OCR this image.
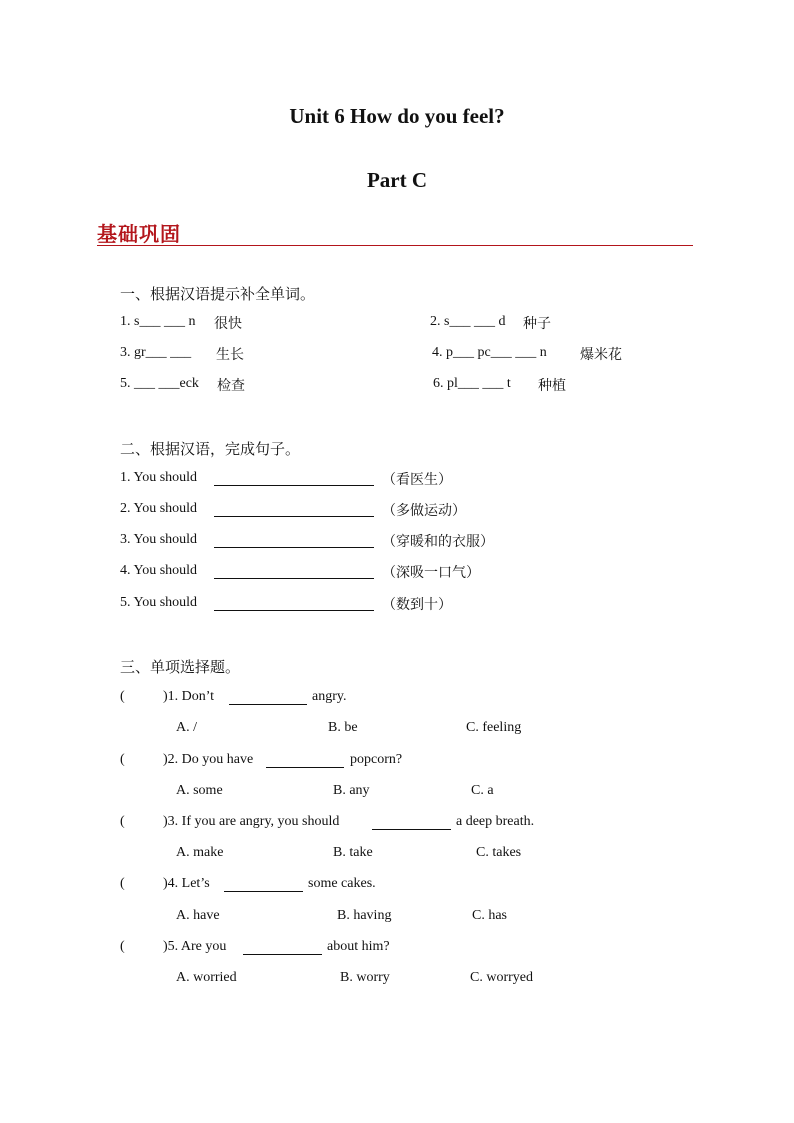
Unit 6 How do you feel?
Part C
基础巩固
一、根据汉语提示补全单词。
1. s___ ___ n 很快	2. s___ ___ d 种子
3. gr___ ___ 生长	4. p___ pc___ ___ n 爆米花
5. ___ ___eck 检查	6. pl___ ___ t 种植
二、根据汉语，完成句子。
1. You should	（看医生）
2. You should	（多做运动）
3. You should	（穿暖和的衣服）
4. You should	（深吸一口气）
5. You should	（数到十）
三、单项选择题。
(	)1. Don’t	angry.
A. /	B. be	C. feeling
(	)2. Do you have	popcorn?
A. some	B. any	C. a
(	)3. If you are angry, you should	a deep breath.
A. make	B. take	C. takes
(	)4. Let’s	some cakes.
A. have	B. having	C. has
(	)5. Are you	about him?
A. worried	B. worry	C. worryed
